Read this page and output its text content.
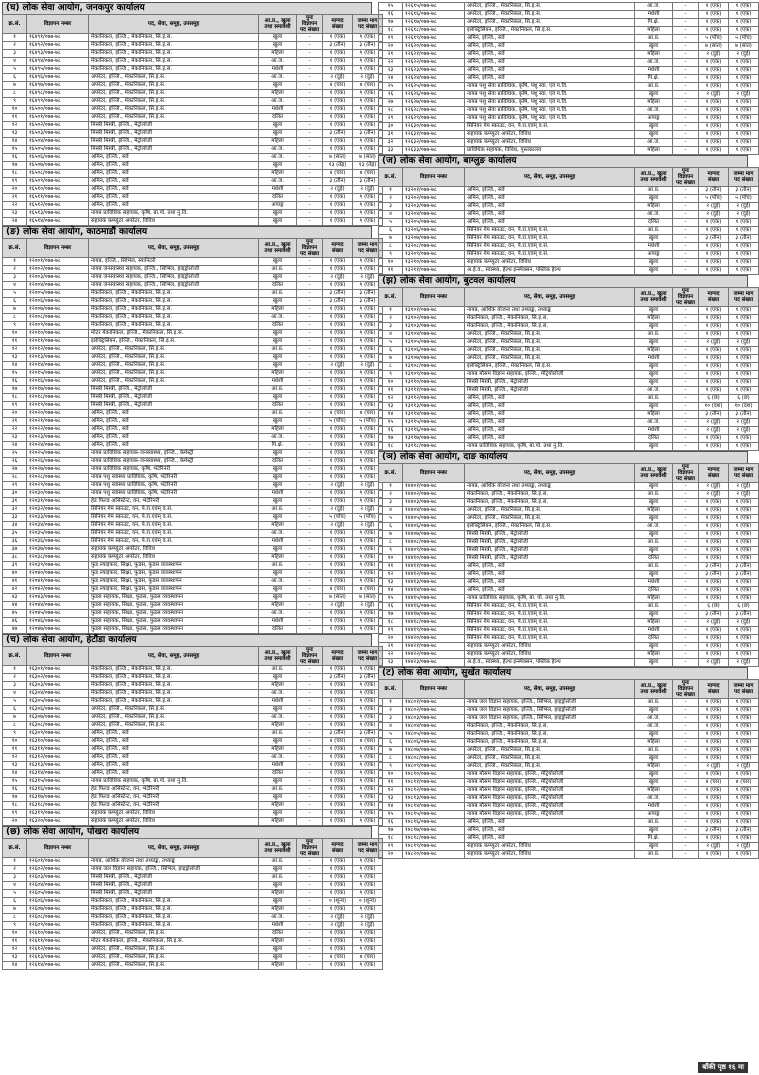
(घ) लोक सेवा आयोग, जनकपुर कार्यालय
क्र.सं.	विज्ञापन नम्बर	पद, सेवा, समूह, उपसमूह	आ.प्र., खुला तथा समावेशी	पुनः विज्ञापन पद संख्या	माग्पद संख्या	जम्मा माग पद संख्या
१	१६४९१/०७७-७८	मेकानिकल, इञ्जि., मेकानिकल, सि.इ.स.	खुला	-	१ (एक)	१ (एक)
२	१६४९२/०७७-७८	मेकानिकल, इञ्जि., मेकानिकल, सि.इ.स.	खुला	-	३ (तीन)	३ (तीन)
३	१६४९३/०७७-७८	मेकानिकल, इञ्जि., मेकानिकल, सि.इ.स.	महिला	-	१ (एक)	१ (एक)
४	१६४९४/०७७-७८	मेकानिकल, इञ्जि., मेकानिकल, सि.इ.स.	आ.ज.	-	१ (एक)	१ (एक)
५	१६४९५/०७७-७८	मेकानिकल, इञ्जि., मेकानिकल, सि.इ.स.	मधेशी	-	१ (एक)	१ (एक)
६	१६४९६/०७७-७८	अपरेटर, इञ्जि., मेकानिकल, सि.इ.स.	आ.ज.	-	२ (दुई)	२ (दुई)
७	१६४९७/०७७-७८	अपरेटर, इञ्जि., मेकानिकल, सि.इ.स.	खुला	-	४ (चार)	४ (चार)
८	१६४९८/०७७-७८	अपरेटर, इञ्जि., मेकानिकल, सि.इ.स.	महिला	-	१ (एक)	१ (एक)
९	१६४९९/०७७-७८	अपरेटर, इञ्जि., मेकानिकल, सि.इ.स.	आ.ज.	-	१ (एक)	१ (एक)
१०	१६५००/०७७-७८	अपरेटर, इञ्जि., मेकानिकल, सि.इ.स.	मधेशी	-	१ (एक)	१ (एक)
११	१६५०१/०७७-७८	अपरेटर, इञ्जि., मेकानिकल, सि.इ.स.	दलित	-	१ (एक)	१ (एक)
१२	१६५०२/०७७-७८	मिस्त्री मिस्त्री, इञ्जि., मेट्रोलोजी	खुला	-	१ (एक)	१ (एक)
१३	१६५०३/०७७-७८	मिस्त्री मिस्त्री, इञ्जि., मेट्रोलोजी	खुला	-	३ (तीन)	३ (तीन)
१४	१६५०४/०७७-७८	मिस्त्री मिस्त्री, इञ्जि., मेट्रोलोजी	महिला	-	१ (एक)	१ (एक)
१५	१६५०५/०७७-७८	मिस्त्री मिस्त्री, इञ्जि., मेट्रोलोजी	आ.ज.	-	१ (एक)	१ (एक)
१६	१६५०६/०७७-७८	अमिन, इञ्जि., सर्वे	आ.ज.	-	७ (सात)	७ (सात)
१७	१६५०७/०७७-७८	अमिन, इञ्जि., सर्वे	खुला	-	१३ (तेह्र)	१३ (तेह्र)
१८	१६५०८/०७७-७८	अमिन, इञ्जि., सर्वे	महिला	-	४ (चार)	४ (चार)
१९	१६५०९/०७७-७८	अमिन, इञ्जि., सर्वे	आ.ज.	-	३ (तीन)	३ (तीन)
२०	१६५१०/०७७-७८	अमिन, इञ्जि., सर्वे	मधेशी	-	२ (दुई)	२ (दुई)
२१	१६५११/०७७-७८	अमिन, इञ्जि., सर्वे	दलित	-	१ (एक)	१ (एक)
२२	१६५१२/०७७-७८	अमिन, इञ्जि., सर्वे	अपाङ्ग	-	१ (एक)	१ (एक)
२३	१६५१३/०७७-७८	नायब प्राविधिक सहायक, कृषि, बा.पो. तथा नु.वि.	खुला	-	१ (एक)	१ (एक)
२४	१६५१४/०७७-७८	सहायक कम्प्युटर अपरेटर, विविध	खुला	-	१ (एक)	१ (एक)
(ङ) लोक सेवा आयोग, काठमाडौं कार्यालय
क्र.सं.	विज्ञापन नम्बर	पद, सेवा, समूह, उपसमूह	आ.प्र., खुला तथा समावेशी	पुनः विज्ञापन पद संख्या	माग्पद संख्या	जम्मा माग पद संख्या
१	१२००१/०७७-७८	नायब, इञ्जि., सिभिल, स्यानिटरी	खुला	-	१ (एक)	१ (एक)
२	१२००२/०७७-७८	नायब जनस्वास्थ्य सहायक, इञ्जि., सिभिल, हाइड्रोलोजी	आ.प्र.	-	१ (एक)	१ (एक)
३	१२००३/०७७-७८	नायब जनस्वास्थ्य सहायक, इञ्जि., सिभिल, हाइड्रोलोजी	खुला	-	२ (दुई)	२ (दुई)
४	१२००४/०७७-७८	नायब जनस्वास्थ्य सहायक, इञ्जि., सिभिल, हाइड्रोलोजी	दलित	-	१ (एक)	१ (एक)
५	१२००५/०७७-७८	मेकानिकल, इञ्जि., मेकानिकल, सि.इ.स.	आ.प्र.	-	३ (तीन)	३ (तीन)
६	१२००६/०७७-७८	मेकानिकल, इञ्जि., मेकानिकल, सि.इ.स.	खुला	-	३ (तीन)	३ (तीन)
७	१२००७/०७७-७८	मेकानिकल, इञ्जि., मेकानिकल, सि.इ.स.	महिला	-	१ (एक)	१ (एक)
८	१२००८/०७७-७८	मेकानिकल, इञ्जि., मेकानिकल, सि.इ.स.	आ.ज.	-	१ (एक)	१ (एक)
९	१२००९/०७७-७८	मेकानिकल, इञ्जि., मेकानिकल, सि.इ.स.	दलित	-	१ (एक)	१ (एक)
१०	१२०१०/०७७-७८	मोटर मेकानिकल, इञ्जि., मेकानिकल, सि.इ.स.	खुला	-	१ (एक)	१ (एक)
११	१२०११/०७७-७८	इलेक्ट्रिसियन, इञ्जि., मेकानिकल, सि.इ.स.	खुला	-	१ (एक)	१ (एक)
१२	१२०१२/०७७-७८	अपरेटर, इञ्जि., मेकानिकल, सि.इ.स.	आ.प्र.	-	१ (एक)	१ (एक)
१३	१२०१३/०७७-७८	अपरेटर, इञ्जि., मेकानिकल, सि.इ.स.	खुला	-	१ (एक)	१ (एक)
१४	१२०१४/०७७-७८	अपरेटर, इञ्जि., मेकानिकल, सि.इ.स.	खुला	-	२ (दुई)	२ (दुई)
१५	१२०१५/०७७-७८	अपरेटर, इञ्जि., मेकानिकल, सि.इ.स.	महिला	-	१ (एक)	१ (एक)
१६	१२०१६/०७७-७८	अपरेटर, इञ्जि., मेकानिकल, सि.इ.स.	मधेशी	-	१ (एक)	१ (एक)
१७	१२०१७/०७७-७८	मिस्त्री मिस्त्री, इञ्जि., मेट्रोलोजी	आ.प्र.	-	१ (एक)	१ (एक)
१८	१२०१८/०७७-७८	मिस्त्री मिस्त्री, इञ्जि., मेट्रोलोजी	खुला	-	१ (एक)	१ (एक)
१९	१२०१९/०७७-७८	मिस्त्री मिस्त्री, इञ्जि., मेट्रोलोजी	दलित	-	१ (एक)	१ (एक)
२०	१२०२०/०७७-७८	अमिन, इञ्जि., सर्वे	आ.प्र.	-	४ (चार)	४ (चार)
२१	१२०२१/०७७-७८	अमिन, इञ्जि., सर्वे	खुला	-	५ (पाँच)	५ (पाँच)
२२	१२०२२/०७७-७८	अमिन, इञ्जि., सर्वे	महिला	-	१ (एक)	१ (एक)
२३	१२०२३/०७७-७८	अमिन, इञ्जि., सर्वे	आ.ज.	-	१ (एक)	१ (एक)
२४	१२०२४/०७७-७८	अमिन, इञ्जि., सर्वे	पि.क्षे.	-	१ (एक)	१ (एक)
२५	१२०२५/०७७-७८	नायब प्राविधिक सहायक-जनस्वास्थ्य, इञ्जि., केमेस्ट्री	खुला	-	१ (एक)	१ (एक)
२६	१२०२६/०७७-७८	नायब प्राविधिक सहायक-जनस्वास्थ्य, इञ्जि., केमेस्ट्री	दलित	-	१ (एक)	१ (एक)
२७	१२०२७/०७७-७८	नायब प्राविधिक सहायक, कृषि, भेटेरिनरी	खुला	-	१ (एक)	१ (एक)
२८	१२०२८/०७७-७८	नायब पशु स्वास्थ्य प्राविधिक, कृषि, भेटेरिनरी	खुला	-	१ (एक)	१ (एक)
२९	१२०२९/०७७-७८	नायब पशु स्वास्थ्य प्राविधिक, कृषि, भेटेरिनरी	खुला	-	२ (दुई)	२ (दुई)
३०	१२०३०/०७७-७८	नायब पशु स्वास्थ्य प्राविधिक, कृषि, भेटेरिनरी	मधेशी	-	१ (एक)	१ (एक)
३१	१२०३१/०७७-७८	हेड फिल्ड असिस्टेन्ट, वन, भेटेरिनरी	खुला	-	१ (एक)	१ (एक)
३२	१२०३२/०७७-७८	सिनियर गेम स्काउट, वन, पे.रा.एवम् व.सं.	आ.प्र.	-	२ (दुई)	२ (दुई)
३३	१२०३३/०७७-७८	सिनियर गेम स्काउट, वन, पे.रा.एवम् व.सं.	खुला	-	५ (पाँच)	५ (पाँच)
३४	१२०३४/०७७-७८	सिनियर गेम स्काउट, वन, पे.रा.एवम् व.सं.	महिला	-	२ (दुई)	२ (दुई)
३५	१२०३५/०७७-७८	सिनियर गेम स्काउट, वन, पे.रा.एवम् व.सं.	आ.ज.	-	१ (एक)	१ (एक)
३६	१२०३६/०७७-७८	सिनियर गेम स्काउट, वन, पे.रा.एवम् व.सं.	मधेशी	-	१ (एक)	१ (एक)
३७	१२०३७/०७७-७८	सहायक कम्प्युटर अपरेटर, विविध	खुला	-	१ (एक)	१ (एक)
३८	१२०३८/०७७-७८	सहायक कम्प्युटर अपरेटर, विविध	महिला	-	१ (एक)	१ (एक)
३९	१२०३९/०७७-७८	फुड ल्याइफार, सिक्षा, फुडस, फुडस व्यवस्थापन	आ.प्र.	-	१ (एक)	१ (एक)
४०	१२०४०/०७७-७८	फुड ल्याइफार, सिक्षा, फुडस, फुडस व्यवस्थापन	खुला	-	१ (एक)	१ (एक)
४१	१२०४१/०७७-७८	फुड ल्याइफार, सिक्षा, फुडस, फुडस व्यवस्थापन	आ.ज.	-	१ (एक)	१ (एक)
४२	१२०४२/०७७-७८	फुड ल्याइफार, सिक्षा, फुडस, फुडस व्यवस्थापन	खुला	-	४ (चार)	४ (चार)
४३	१२०४३/०७७-७८	फुडस सहायक, सिक्षा, फुडस, फुडस व्यवस्थापन	खुला	-	७ (सात)	७ (सात)
४४	१२०४४/०७७-७८	फुडस सहायक, सिक्षा, फुडस, फुडस व्यवस्थापन	महिला	-	२ (दुई)	२ (दुई)
४५	१२०४५/०७७-७८	फुडस सहायक, सिक्षा, फुडस, फुडस व्यवस्थापन	आ.ज.	-	१ (एक)	१ (एक)
४६	१२०४६/०७७-७८	फुडस सहायक, सिक्षा, फुडस, फुडस व्यवस्थापन	मधेशी	-	१ (एक)	१ (एक)
४७	१२०४७/०७७-७८	फुडस सहायक, सिक्षा, फुडस, फुडस व्यवस्थापन	दलित	-	१ (एक)	१ (एक)
(च) लोक सेवा आयोग, हेटौंडा कार्यालय
क्र.सं.	विज्ञापन नम्बर	पद, सेवा, समूह, उपसमूह	आ.प्र., खुला तथा समावेशी	पुनः विज्ञापन पद संख्या	माग्पद संख्या	जम्मा माग पद संख्या
१	१६३०१/०७७-७८	मेकानिकल, इञ्जि., मेकानिकल, सि.इ.स.	आ.प्र.	-	१ (एक)	१ (एक)
२	१६३०२/०७७-७८	मेकानिकल, इञ्जि., मेकानिकल, सि.इ.स.	खुला	-	३ (तीन)	३ (तीन)
३	१६३०३/०७७-७८	मेकानिकल, इञ्जि., मेकानिकल, सि.इ.स.	महिला	-	१ (एक)	१ (एक)
४	१६३०४/०७७-७८	मेकानिकल, इञ्जि., मेकानिकल, सि.इ.स.	आ.ज.	-	१ (एक)	१ (एक)
५	१६३०५/०७७-७८	मेकानिकल, इञ्जि., मेकानिकल, सि.इ.स.	मधेशी	-	१ (एक)	१ (एक)
६	१६३०६/०७७-७८	अपरेटर, इञ्जि., मेकानिकल, सि.इ.स.	खुला	-	१ (एक)	१ (एक)
७	१६३०७/०७७-७८	अपरेटर, इञ्जि., मेकानिकल, सि.इ.स.	आ.ज.	-	१ (एक)	१ (एक)
८	१६३०८/०७७-७८	अपरेटर, इञ्जि., मेकानिकल, सि.इ.स.	महिला	-	१ (एक)	१ (एक)
९	१६३०९/०७७-७८	अमिन, इञ्जि., सर्वे	आ.प्र.	-	३ (तीन)	३ (तीन)
१०	१६३१०/०७७-७८	अमिन, इञ्जि., सर्वे	खुला	-	४ (चार)	४ (चार)
११	१६३११/०७७-७८	अमिन, इञ्जि., सर्वे	महिला	-	१ (एक)	१ (एक)
१२	१६३१२/०७७-७८	अमिन, इञ्जि., सर्वे	आ.ज.	-	१ (एक)	१ (एक)
१३	१६३१३/०७७-७८	अमिन, इञ्जि., सर्वे	मधेशी	-	१ (एक)	१ (एक)
१४	१६३१४/०७७-७८	अमिन, इञ्जि., सर्वे	दलित	-	१ (एक)	१ (एक)
१५	१६३१५/०७७-७८	नायब प्राविधिक सहायक, कृषि, बा.पो. तथा नु.वि.	खुला	-	१ (एक)	१ (एक)
१६	१६३१६/०७७-७८	हेड फिल्ड असिस्टेन्ट, वन, भेटेरिनरी	आ.प्र.	-	१ (एक)	१ (एक)
१७	१६३१७/०७७-७८	हेड फिल्ड असिस्टेन्ट, वन, भेटेरिनरी	खुला	-	१ (एक)	१ (एक)
१८	१६३१८/०७७-७८	हेड फिल्ड असिस्टेन्ट, वन, भेटेरिनरी	महिला	-	१ (एक)	१ (एक)
१९	१६३१९/०७७-७८	सहायक कम्प्युटर अपरेटर, विविध	खुला	-	१ (एक)	१ (एक)
२०	१६३२०/०७७-७८	सहायक कम्प्युटर अपरेटर, विविध	महिला	-	१ (एक)	१ (एक)
(छ) लोक सेवा आयोग, पोखरा कार्यालय
क्र.सं.	विज्ञापन नम्बर	पद, सेवा, समूह, उपसमूह	आ.प्र., खुला तथा समावेशी	पुनः विज्ञापन पद संख्या	माग्पद संख्या	जम्मा माग पद संख्या
१	१२६०१/०७७-७८	नायब, आर्थिक योजना तथा तथ्याङ्क, तथ्याङ्क	आ.प्र.	-	१ (एक)	१ (एक)
२	१२६०२/०७७-७८	नायब जल विज्ञान सहायक, इञ्जि., सिभिल, हाइड्रोलोजी	खुला	-	१ (एक)	१ (एक)
३	१२६०३/०७७-७८	मिस्त्री मिस्त्री, इञ्जि., मेट्रोलोजी	आ.प्र.	-	१ (एक)	१ (एक)
४	१२६०४/०७७-७८	मिस्त्री मिस्त्री, इञ्जि., मेट्रोलोजी	खुला	-	१ (एक)	१ (एक)
५	१२६०५/०७७-७८	मिस्त्री मिस्त्री, इञ्जि., मेट्रोलोजी	महिला	-	१ (एक)	१ (एक)
६	१२६०६/०७७-७८	मेकानिकल, इञ्जि., मेकानिकल, सि.इ.स.	खुला	-	० (शून्य)	० (शून्य)
७	१२६०७/०७७-७८	मेकानिकल, इञ्जि., मेकानिकल, सि.इ.स.	महिला	-	१ (एक)	१ (एक)
८	१२६०८/०७७-७८	मेकानिकल, इञ्जि., मेकानिकल, सि.इ.स.	आ.ज.	-	२ (दुई)	२ (दुई)
९	१२६०९/०७७-७८	मेकानिकल, इञ्जि., मेकानिकल, सि.इ.स.	मधेशी	-	२ (दुई)	२ (दुई)
१०	१२६१०/०७७-७८	अपरेटर, इञ्जि., मेकानिकल, सि.इ.स.	दलित	-	१ (एक)	१ (एक)
११	१२६११/०७७-७८	मोटर मेकानिकल, इञ्जि., मेकानिकल, सि.इ.स.	महिला	-	१ (एक)	१ (एक)
१२	१२६१२/०७७-७८	अपरेटर, इञ्जि., मेकानिकल, सि.इ.स.	खुला	-	१ (एक)	१ (एक)
१३	१२६१३/०७७-७८	अपरेटर, इञ्जि., मेकानिकल, सि.इ.स.	खुला	-	४ (चार)	४ (चार)
१४	१२६१४/०७७-७८	अपरेटर, इञ्जि., मेकानिकल, सि.इ.स.	महिला	-	१ (एक)	१ (एक)
१५	१२६१५/०७७-७८	अपरेटर, इञ्जि., मेकानिकल, सि.इ.स.	आ.ज.	-	१ (एक)	१ (एक)
१६	१२६१६/०७७-७८	अपरेटर, इञ्जि., मेकानिकल, सि.इ.स.	मधेशी	-	१ (एक)	१ (एक)
१७	१२६१७/०७७-७८	अपरेटर, इञ्जि., मेकानिकल, सि.इ.स.	पि.क्षे.	-	१ (एक)	१ (एक)
१८	१२६१८/०७७-७८	इलेक्ट्रिसियन, इञ्जि., मेकानिकल, सि.इ.स.	महिला	-	१ (एक)	१ (एक)
१९	१२६१९/०७७-७८	अमिन, इञ्जि., सर्वे	आ.प्र.	-	५ (पाँच)	५ (पाँच)
२०	१२६२०/०७७-७८	अमिन, इञ्जि., सर्वे	खुला	-	७ (सात)	७ (सात)
२१	१२६२१/०७७-७८	अमिन, इञ्जि., सर्वे	महिला	-	२ (दुई)	२ (दुई)
२२	१२६२२/०७७-७८	अमिन, इञ्जि., सर्वे	आ.ज.	-	१ (एक)	१ (एक)
२३	१२६२३/०७७-७८	अमिन, इञ्जि., सर्वे	मधेशी	-	१ (एक)	१ (एक)
२४	१२६२४/०७७-७८	अमिन, इञ्जि., सर्वे	पि.क्षे.	-	१ (एक)	१ (एक)
२५	१२६२५/०७७-७८	नायब पशु सेवा प्राविधिक, कृषि, पशु स्वा. एवं प.वि.	आ.प्र.	-	१ (एक)	१ (एक)
२६	१२६२६/०७७-७८	नायब पशु सेवा प्राविधिक, कृषि, पशु स्वा. एवं प.वि.	खुला	-	२ (दुई)	२ (दुई)
२७	१२६२७/०७७-७८	नायब पशु सेवा प्राविधिक, कृषि, पशु स्वा. एवं प.वि.	महिला	-	१ (एक)	१ (एक)
२८	१२६२८/०७७-७८	नायब पशु सेवा प्राविधिक, कृषि, पशु स्वा. एवं प.वि.	आ.ज.	-	१ (एक)	१ (एक)
२९	१२६२९/०७७-७८	नायब पशु सेवा प्राविधिक, कृषि, पशु स्वा. एवं प.वि.	अपाङ्ग	-	१ (एक)	१ (एक)
३०	१२६३०/०७७-७८	सिनियर गेम स्काउट, वन, पे.रा.एवम् व.सं.	खुला	-	१ (एक)	१ (एक)
३१	१२६३१/०७७-७८	सहायक कम्प्युटर अपरेटर, विविध	खुला	-	१ (एक)	१ (एक)
३२	१२६३२/०७७-७८	सहायक कम्प्युटर अपरेटर, विविध	आ.ज.	-	१ (एक)	१ (एक)
३३	१२६३३/०७७-७८	प्राविधिक सहायक, विविध, पुस्तकालय	महिला	-	१ (एक)	१ (एक)
(ज) लोक सेवा आयोग, बाग्लुङ कार्यालय
क्र.सं.	विज्ञापन नम्बर	पद, सेवा, समूह, उपसमूह	आ.प्र., खुला तथा समावेशी	पुनः विज्ञापन पद संख्या	माग्पद संख्या	जम्मा माग पद संख्या
१	१३२०१/०७७-७८	अमिन, इञ्जि., सर्वे	आ.प्र.	-	३ (तीन)	३ (तीन)
२	१३२०२/०७७-७८	अमिन, इञ्जि., सर्वे	खुला	-	५ (पाँच)	५ (पाँच)
३	१३२०३/०७७-७८	अमिन, इञ्जि., सर्वे	महिला	-	२ (दुई)	२ (दुई)
४	१३२०४/०७७-७८	अमिन, इञ्जि., सर्वे	आ.ज.	-	२ (दुई)	२ (दुई)
५	१३२०५/०७७-७८	अमिन, इञ्जि., सर्वे	दलित	-	१ (एक)	१ (एक)
६	१३२०६/०७७-७८	सिनियर गेम स्काउट, वन, पे.रा.एवम् व.सं.	आ.प्र.	-	१ (एक)	१ (एक)
७	१३२०७/०७७-७८	सिनियर गेम स्काउट, वन, पे.रा.एवम् व.सं.	खुला	-	३ (तीन)	३ (तीन)
८	१३२०८/०७७-७८	सिनियर गेम स्काउट, वन, पे.रा.एवम् व.सं.	मधेशी	-	१ (एक)	१ (एक)
९	१३२०९/०७७-७८	सिनियर गेम स्काउट, वन, पे.रा.एवम् व.सं.	अपाङ्ग	-	१ (एक)	१ (एक)
१०	१३२१०/०७७-७८	सहायक कम्प्युटर अपरेटर, विविध	खुला	-	१ (एक)	१ (एक)
११	१३२११/०७७-७८	अ.हे.व., स्वास्थ्य, हेल्थ इन्स्पेक्सन, पब्लिक हेल्थ	खुला	-	१ (एक)	१ (एक)
(झ) लोक सेवा आयोग, बुटवल कार्यालय
क्र.सं.	विज्ञापन नम्बर	पद, सेवा, समूह, उपसमूह	आ.प्र., खुला तथा समावेशी	पुनः विज्ञापन पद संख्या	माग्पद संख्या	जम्मा माग पद संख्या
१	१३१०१/०७७-७८	नायब, आर्थिक योजना तथा तथ्याङ्क, तथ्याङ्क	खुला	-	१ (एक)	१ (एक)
२	१३१०२/०७७-७८	मेकानिकल, इञ्जि., मेकानिकल, सि.इ.स.	महिला	-	१ (एक)	१ (एक)
३	१३१०३/०७७-७८	मेकानिकल, इञ्जि., मेकानिकल, सि.इ.स.	खुला	-	१ (एक)	१ (एक)
४	१३१०४/०७७-७८	अपरेटर, इञ्जि., मेकानिकल, सि.इ.स.	आ.प्र.	-	१ (एक)	१ (एक)
५	१३१०५/०७७-७८	अपरेटर, इञ्जि., मेकानिकल, सि.इ.स.	खुला	-	२ (दुई)	२ (दुई)
६	१३१०६/०७७-७८	अपरेटर, इञ्जि., मेकानिकल, सि.इ.स.	महिला	-	१ (एक)	१ (एक)
७	१३१०७/०७७-७८	अपरेटर, इञ्जि., मेकानिकल, सि.इ.स.	मधेशी	-	१ (एक)	१ (एक)
८	१३१०८/०७७-७८	इलेक्ट्रिसियन, इञ्जि., मेकानिकल, सि.इ.स.	खुला	-	१ (एक)	१ (एक)
९	१३१०९/०७७-७८	नायब मौसम विज्ञान सहायक, इञ्जि., मेट्रियोलोजी	खुला	-	१ (एक)	१ (एक)
१०	१३११०/०७७-७८	मिस्त्री मिस्त्री, इञ्जि., मेट्रोलोजी	खुला	-	१ (एक)	१ (एक)
११	१३१११/०७७-७८	मिस्त्री मिस्त्री, इञ्जि., मेट्रोलोजी	आ.ज.	-	१ (एक)	१ (एक)
१२	१३११२/०७७-७८	अमिन, इञ्जि., सर्वे	आ.प्र.	-	६ (छ)	६ (छ)
१३	१३११३/०७७-७८	अमिन, इञ्जि., सर्वे	खुला	-	१० (दश)	१० (दश)
१४	१३११४/०७७-७८	अमिन, इञ्जि., सर्वे	महिला	-	३ (तीन)	३ (तीन)
१५	१३११५/०७७-७८	अमिन, इञ्जि., सर्वे	आ.ज.	-	२ (दुई)	२ (दुई)
१६	१३११६/०७७-७८	अमिन, इञ्जि., सर्वे	मधेशी	-	२ (दुई)	२ (दुई)
१७	१३११७/०७७-७८	अमिन, इञ्जि., सर्वे	दलित	-	१ (एक)	१ (एक)
१८	१३११८/०७७-७८	नायब प्राविधिक सहायक, कृषि, बा.पो. तथा नु.वि.	खुला	-	१ (एक)	१ (एक)
(ञ) लोक सेवा आयोग, दाङ कार्यालय
क्र.सं.	विज्ञापन नम्बर	पद, सेवा, समूह, उपसमूह	आ.प्र., खुला तथा समावेशी	पुनः विज्ञापन पद संख्या	माग्पद संख्या	जम्मा माग पद संख्या
१	१४४०१/०७७-७८	नायब, आर्थिक योजना तथा तथ्याङ्क, तथ्याङ्क	खुला	-	२ (दुई)	२ (दुई)
२	१४४०२/०७७-७८	मेकानिकल, इञ्जि., मेकानिकल, सि.इ.स.	आ.प्र.	-	२ (दुई)	२ (दुई)
३	१४४०३/०७७-७८	मेकानिकल, इञ्जि., मेकानिकल, सि.इ.स.	खुला	-	१ (एक)	१ (एक)
४	१४४०४/०७७-७८	अपरेटर, इञ्जि., मेकानिकल, सि.इ.स.	महिला	-	१ (एक)	१ (एक)
५	१४४०५/०७७-७८	अपरेटर, इञ्जि., मेकानिकल, सि.इ.स.	खुला	-	१ (एक)	१ (एक)
६	१४४०६/०७७-७८	इलेक्ट्रिसियन, इञ्जि., मेकानिकल, सि.इ.स.	आ.ज.	-	१ (एक)	१ (एक)
७	१४४०७/०७७-७८	मिस्त्री मिस्त्री, इञ्जि., मेट्रोलोजी	खुला	-	१ (एक)	१ (एक)
८	१४४०८/०७७-७८	मिस्त्री मिस्त्री, इञ्जि., मेट्रोलोजी	आ.प्र.	-	१ (एक)	१ (एक)
९	१४४०९/०७७-७८	मिस्त्री मिस्त्री, इञ्जि., मेट्रोलोजी	खुला	-	१ (एक)	१ (एक)
१०	१४४१०/०७७-७८	मिस्त्री मिस्त्री, इञ्जि., मेट्रोलोजी	दलित	-	१ (एक)	१ (एक)
११	१४४११/०७७-७८	अमिन, इञ्जि., सर्वे	आ.प्र.	-	३ (तीन)	३ (तीन)
१२	१४४१२/०७७-७८	अमिन, इञ्जि., सर्वे	खुला	-	३ (तीन)	३ (तीन)
१३	१४४१३/०७७-७८	अमिन, इञ्जि., सर्वे	मधेशी	-	१ (एक)	१ (एक)
१४	१४४१४/०७७-७८	अमिन, इञ्जि., सर्वे	दलित	-	१ (एक)	१ (एक)
१५	१४४१५/०७७-७८	नायब प्राविधिक सहायक, कृषि, बा. पो. तथा नु.वि.	महिला	-	१ (एक)	१ (एक)
१६	१४४१६/०७७-७८	सिनियर गेम स्काउट, वन, पे.रा.एवम् व.सं.	आ.प्र.	-	६ (छ)	६ (छ)
१७	१४४१७/०७७-७८	सिनियर गेम स्काउट, वन, पे.रा.एवम् व.सं.	खुला	-	३ (तीन)	३ (तीन)
१८	१४४१८/०७७-७८	सिनियर गेम स्काउट, वन, पे.रा.एवम् व.सं.	महिला	-	२ (दुई)	२ (दुई)
१९	१४४१९/०७७-७८	सिनियर गेम स्काउट, वन, पे.रा.एवम् व.सं.	मधेशी	-	१ (एक)	१ (एक)
२०	१४४२०/०७७-७८	सिनियर गेम स्काउट, वन, पे.रा.एवम् व.सं.	दलित	-	१ (एक)	१ (एक)
२१	१४४२१/०७७-७८	सहायक कम्प्युटर अपरेटर, विविध	खुला	-	१ (एक)	१ (एक)
२२	१४४२२/०७७-७८	सहायक कम्प्युटर अपरेटर, विविध	महिला	-	१ (एक)	१ (एक)
२३	१४४२३/०७७-७८	अ.हे.व., स्वास्थ्य, हेल्थ इन्स्पेक्सन, पब्लिक हेल्थ	खुला	-	२ (दुई)	२ (दुई)
(ट) लोक सेवा आयोग, सुर्खेत कार्यालय
क्र.सं.	विज्ञापन नम्बर	पद, सेवा, समूह, उपसमूह	आ.प्र., खुला तथा समावेशी	पुनः विज्ञापन पद संख्या	माग्पद संख्या	जम्मा माग पद संख्या
१	१४८०१/०७७-७८	नायब जल विज्ञान सहायक, इञ्जि., सिभिल, हाइड्रोलोजी	आ.प्र.	-	१ (एक)	१ (एक)
२	१४८०२/०७७-७८	नायब जल विज्ञान सहायक, इञ्जि., सिभिल, हाइड्रोलोजी	खुला	-	१ (एक)	१ (एक)
३	१४८०३/०७७-७८	नायब जल विज्ञान सहायक, इञ्जि., सिभिल, हाइड्रोलोजी	आ.ज.	-	१ (एक)	१ (एक)
४	१४८०४/०७७-७८	मेकानिकल, इञ्जि., मेकानिकल, सि.इ.स.	आ.ज.	-	१ (एक)	१ (एक)
५	१४८०५/०७७-७८	मेकानिकल, इञ्जि., मेकानिकल, सि.इ.स.	खुला	-	१ (एक)	१ (एक)
६	१४८०६/०७७-७८	मेकानिकल, इञ्जि., मेकानिकल, सि.इ.स.	महिला	-	१ (एक)	१ (एक)
७	१४८०७/०७७-७८	अपरेटर, इञ्जि., मेकानिकल, सि.इ.स.	आ.प्र.	-	१ (एक)	१ (एक)
८	१४८०८/०७७-७८	अपरेटर, इञ्जि., मेकानिकल, सि.इ.स.	खुला	-	१ (एक)	१ (एक)
९	१४८०९/०७७-७८	अपरेटर, इञ्जि., मेकानिकल, सि.इ.स.	महिला	-	२ (दुई)	२ (दुई)
१०	१४८१०/०७७-७८	नायब मौसम विज्ञान सहायक, इञ्जि., मेट्रियोलोजी	खुला	-	१ (एक)	१ (एक)
११	१४८११/०७७-७८	नायब मौसम विज्ञान सहायक, इञ्जि., मेट्रियोलोजी	खुला	-	४ (चार)	४ (चार)
१२	१४८१२/०७७-७८	नायब मौसम विज्ञान सहायक, इञ्जि., मेट्रियोलोजी	महिला	-	१ (एक)	१ (एक)
१३	१४८१३/०७७-७८	नायब मौसम विज्ञान सहायक, इञ्जि., मेट्रियोलोजी	आ.ज.	-	१ (एक)	१ (एक)
१४	१४८१४/०७७-७८	नायब मौसम विज्ञान सहायक, इञ्जि., मेट्रियोलोजी	मधेशी	-	१ (एक)	१ (एक)
१५	१४८१५/०७७-७८	नायब मौसम विज्ञान सहायक, इञ्जि., मेट्रियोलोजी	अपाङ्ग	-	१ (एक)	१ (एक)
१६	१४८१६/०७७-७८	अमिन, इञ्जि., सर्वे	आ.प्र.	-	१ (एक)	१ (एक)
१७	१४८१७/०७७-७८	अमिन, इञ्जि., सर्वे	खुला	-	३ (तीन)	३ (तीन)
१८	१४८१८/०७७-७८	अमिन, इञ्जि., सर्वे	पि.क्षे.	-	१ (एक)	१ (एक)
१९	१४८१९/०७७-७८	सहायक कम्प्युटर अपरेटर, विविध	खुला	-	२ (दुई)	२ (दुई)
२०	१४८२०/०७७-७८	सहायक कम्प्युटर अपरेटर, विविध	आ.प्र.	-	१ (एक)	१ (एक)
बाँकी पृष्ठ १६ मा
